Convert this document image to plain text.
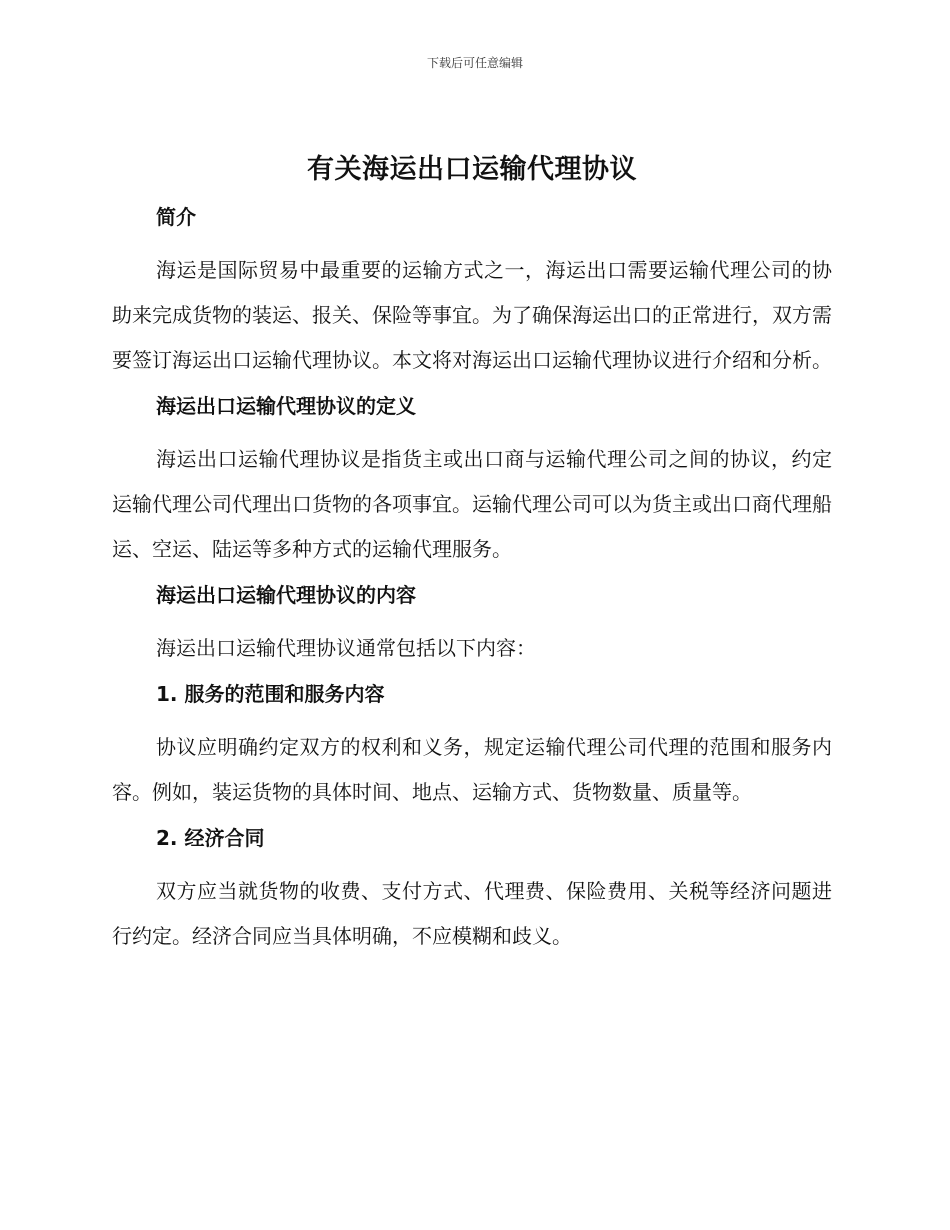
下载后可任意编辑
有关海运出口运输代理协议
简介

海运是国际贸易中最重要的运输方式之一，海运出口需要运输代理公司的协助来完成货物的装运、报关、保险等事宜。为了确保海运出口的正常进行，双方需要签订海运出口运输代理协议。本文将对海运出口运输代理协议进行介绍和分析。

海运出口运输代理协议的定义

海运出口运输代理协议是指货主或出口商与运输代理公司之间的协议，约定运输代理公司代理出口货物的各项事宜。运输代理公司可以为货主或出口商代理船运、空运、陆运等多种方式的运输代理服务。

海运出口运输代理协议的内容

海运出口运输代理协议通常包括以下内容：

1. 服务的范围和服务内容

协议应明确约定双方的权利和义务，规定运输代理公司代理的范围和服务内容。例如，装运货物的具体时间、地点、运输方式、货物数量、质量等。

2. 经济合同

双方应当就货物的收费、支付方式、代理费、保险费用、关税等经济问题进行约定。经济合同应当具体明确，不应模糊和歧义。
